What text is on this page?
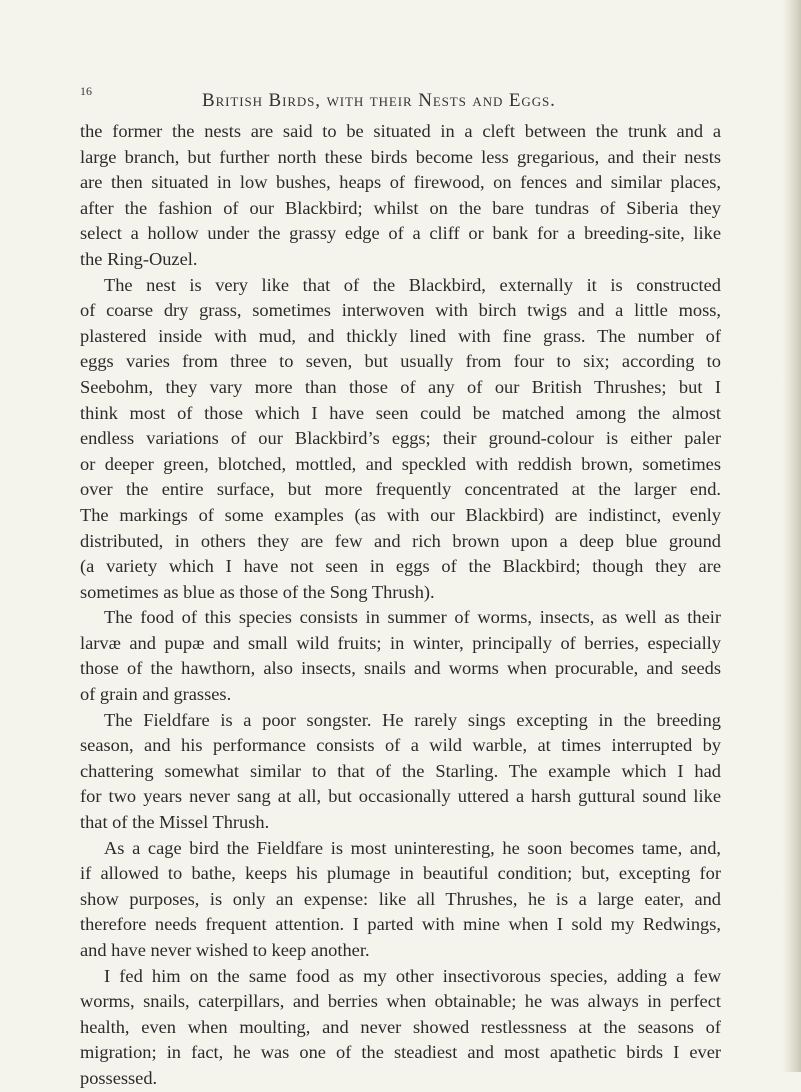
16	British Birds, with their Nests and Eggs.
the former the nests are said to be situated in a cleft between the trunk and a
large branch, but further north these birds become less gregarious, and their nests
are then situated in low bushes, heaps of firewood, on fences and similar places,
after the fashion of our Blackbird; whilst on the bare tundras of Siberia they
select a hollow under the grassy edge of a cliff or bank for a breeding-site, like
the Ring-Ouzel.
The nest is very like that of the Blackbird, externally it is constructed
of coarse dry grass, sometimes interwoven with birch twigs and a little moss,
plastered inside with mud, and thickly lined with fine grass. The number of
eggs varies from three to seven, but usually from four to six; according to
Seebohm, they vary more than those of any of our British Thrushes; but I
think most of those which I have seen could be matched among the almost
endless variations of our Blackbird’s eggs; their ground-colour is either paler
or deeper green, blotched, mottled, and speckled with reddish brown, sometimes
over the entire surface, but more frequently concentrated at the larger end.
The markings of some examples (as with our Blackbird) are indistinct, evenly
distributed, in others they are few and rich brown upon a deep blue ground
(a variety which I have not seen in eggs of the Blackbird; though they are
sometimes as blue as those of the Song Thrush).
The food of this species consists in summer of worms, insects, as well as their
larvæ and pupæ and small wild fruits; in winter, principally of berries, especially
those of the hawthorn, also insects, snails and worms when procurable, and seeds
of grain and grasses.
The Fieldfare is a poor songster. He rarely sings excepting in the breeding
season, and his performance consists of a wild warble, at times interrupted by
chattering somewhat similar to that of the Starling. The example which I had
for two years never sang at all, but occasionally uttered a harsh guttural sound like
that of the Missel Thrush.
As a cage bird the Fieldfare is most uninteresting, he soon becomes tame, and,
if allowed to bathe, keeps his plumage in beautiful condition; but, excepting for
show purposes, is only an expense: like all Thrushes, he is a large eater, and
therefore needs frequent attention. I parted with mine when I sold my Redwings,
and have never wished to keep another.
I fed him on the same food as my other insectivorous species, adding a few
worms, snails, caterpillars, and berries when obtainable; he was always in perfect
health, even when moulting, and never showed restlessness at the seasons of
migration; in fact, he was one of the steadiest and most apathetic birds I ever
possessed.
